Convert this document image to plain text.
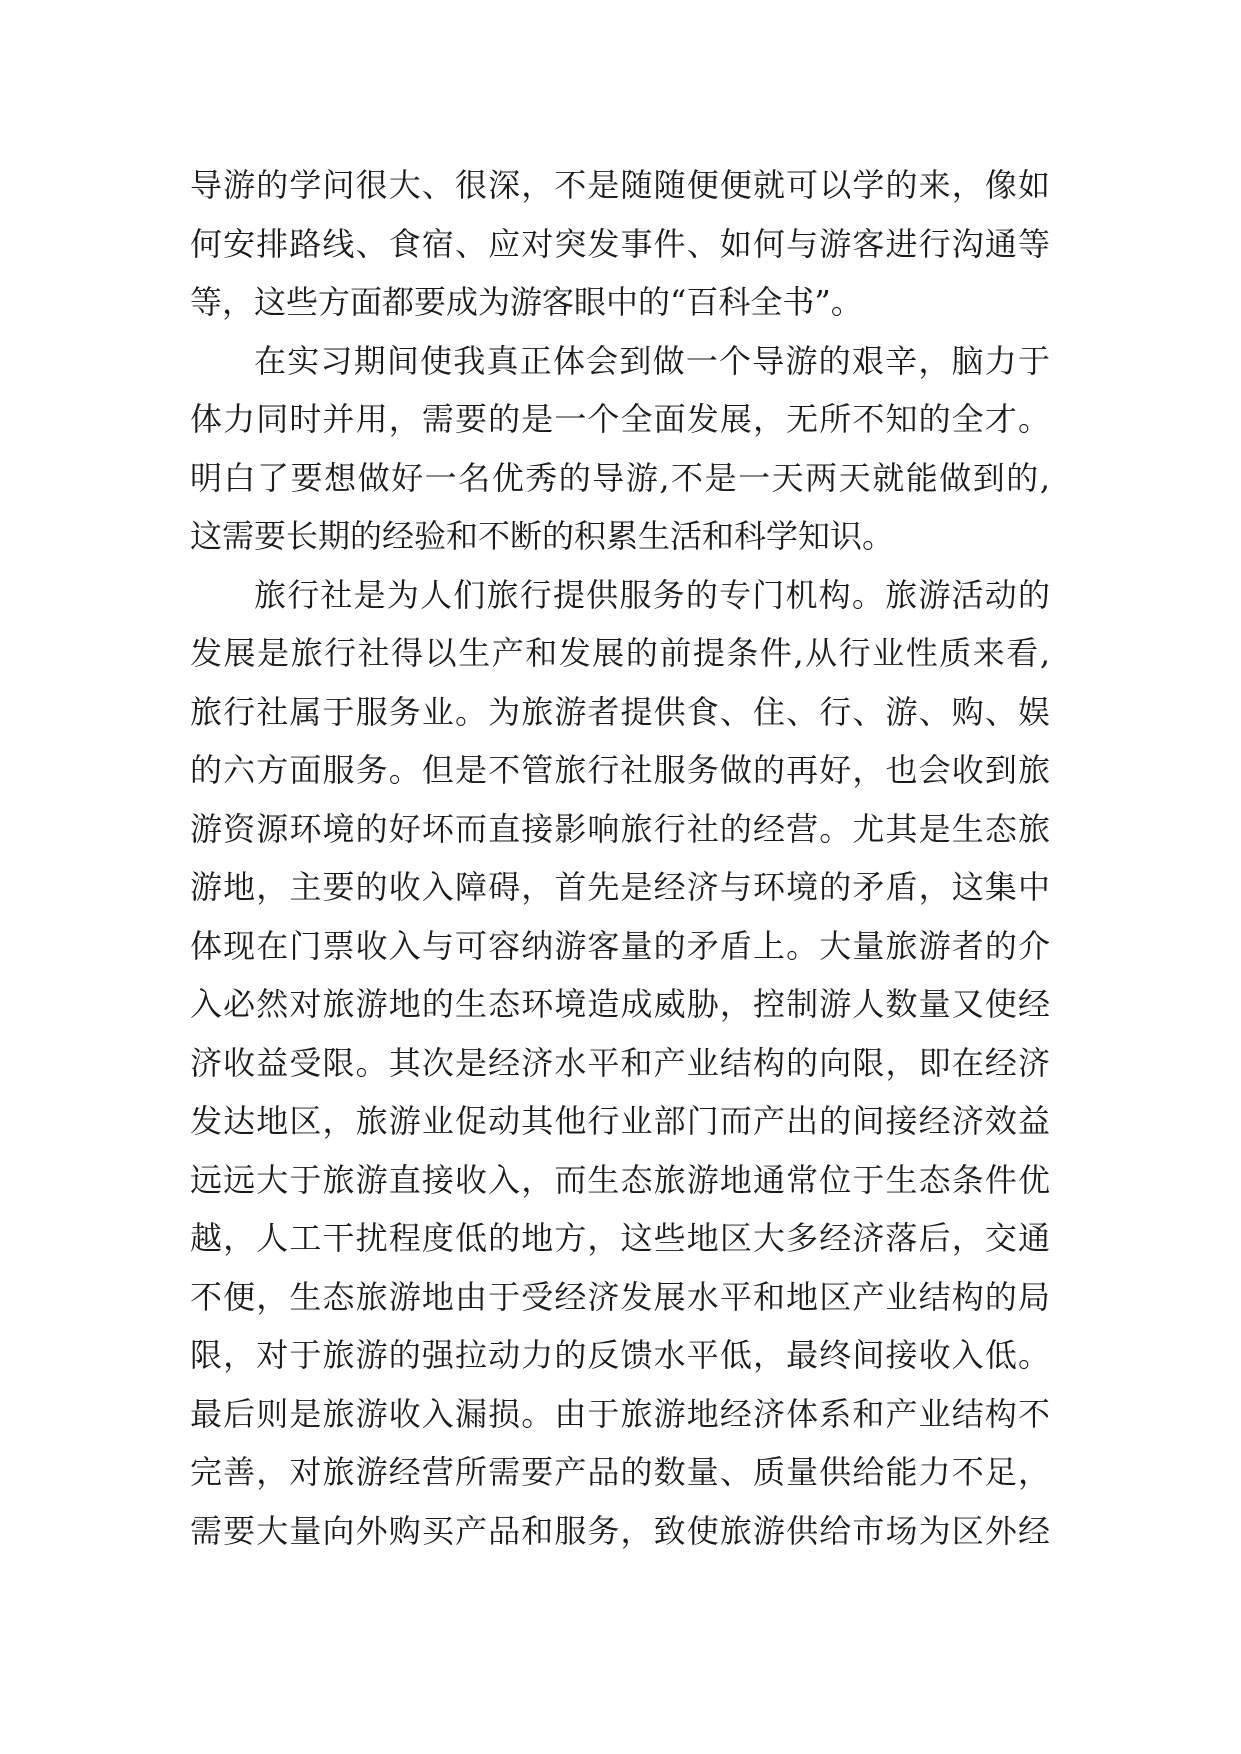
导游的学问很大、很深，不是随随便便就可以学的来，像如
何安排路线、食宿、应对突发事件、如何与游客进行沟通等
等，这些方面都要成为游客眼中的“百科全书”。
在实习期间使我真正体会到做一个导游的艰辛，脑力于
体力同时并用，需要的是一个全面发展，无所不知的全才。
明白了要想做好一名优秀的导游,不是一天两天就能做到的,
这需要长期的经验和不断的积累生活和科学知识。
旅行社是为人们旅行提供服务的专门机构。旅游活动的
发展是旅行社得以生产和发展的前提条件,从行业性质来看,
旅行社属于服务业。为旅游者提供食、住、行、游、购、娱
的六方面服务。但是不管旅行社服务做的再好，也会收到旅
游资源环境的好坏而直接影响旅行社的经营。尤其是生态旅
游地，主要的收入障碍，首先是经济与环境的矛盾，这集中
体现在门票收入与可容纳游客量的矛盾上。大量旅游者的介
入必然对旅游地的生态环境造成威胁，控制游人数量又使经
济收益受限。其次是经济水平和产业结构的向限，即在经济
发达地区，旅游业促动其他行业部门而产出的间接经济效益
远远大于旅游直接收入，而生态旅游地通常位于生态条件优
越，人工干扰程度低的地方，这些地区大多经济落后，交通
不便，生态旅游地由于受经济发展水平和地区产业结构的局
限，对于旅游的强拉动力的反馈水平低，最终间接收入低。
最后则是旅游收入漏损。由于旅游地经济体系和产业结构不
完善，对旅游经营所需要产品的数量、质量供给能力不足，
需要大量向外购买产品和服务，致使旅游供给市场为区外经
